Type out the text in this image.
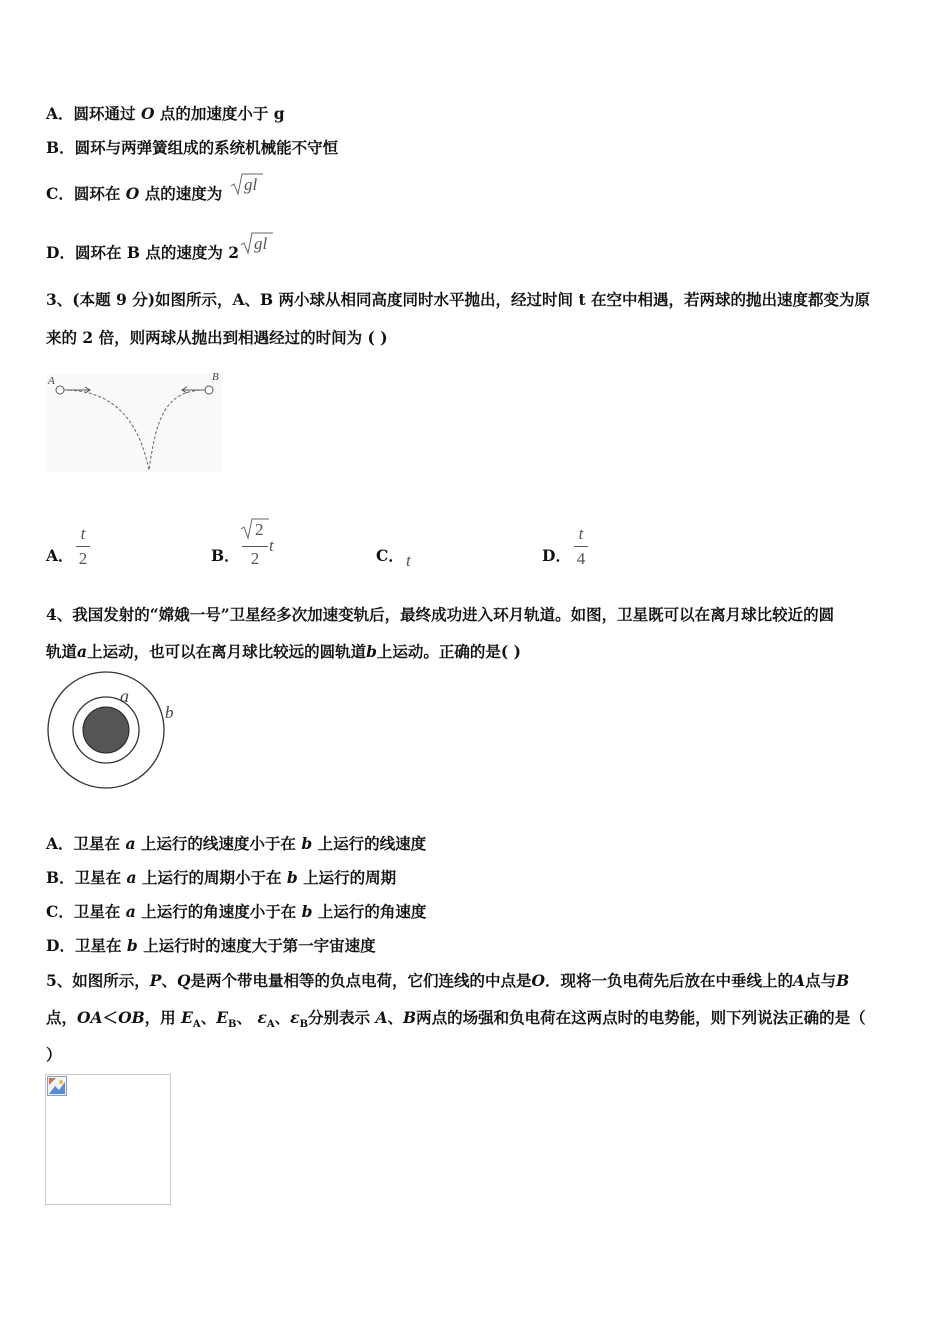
A．圆环通过 O 点的加速度小于 g
B．圆环与两弹簧组成的系统机械能不守恒
C．圆环在 O 点的速度为 gl
D．圆环在 B 点的速度为 2 gl
3、(本题 9 分)如图所示，A、B 两小球从相同高度同时水平抛出，经过时间 t 在空中相遇，若两球的抛出速度都变为原
来的 2 倍，则两球从抛出到相遇经过的时间为 ( )
A	B
A．
t
2	B．
2
2
t
C． t	D．
t
4
4、我国发射的“嫦娥一号”卫星经多次加速变轨后，最终成功进入环月轨道。如图，卫星既可以在离月球比较近的圆
轨道a上运动，也可以在离月球比较远的圆轨道b上运动。正确的是( )
a
b
A．卫星在 a 上运行的线速度小于在 b 上运行的线速度
B．卫星在 a 上运行的周期小于在 b 上运行的周期
C．卫星在 a 上运行的角速度小于在 b 上运行的角速度
D．卫星在 b 上运行时的速度大于第一宇宙速度
5、如图所示，P、Q是两个带电量相等的负点电荷，它们连线的中点是O．现将一负电荷先后放在中垂线上的A点与B
点，OA＜OB，用 $E_A$、$E_B$、 $\varepsilon_A$、$\varepsilon_B$分别表示 A、B两点的场强和负电荷在这两点时的电势能，则下列说法正确的是（
）
